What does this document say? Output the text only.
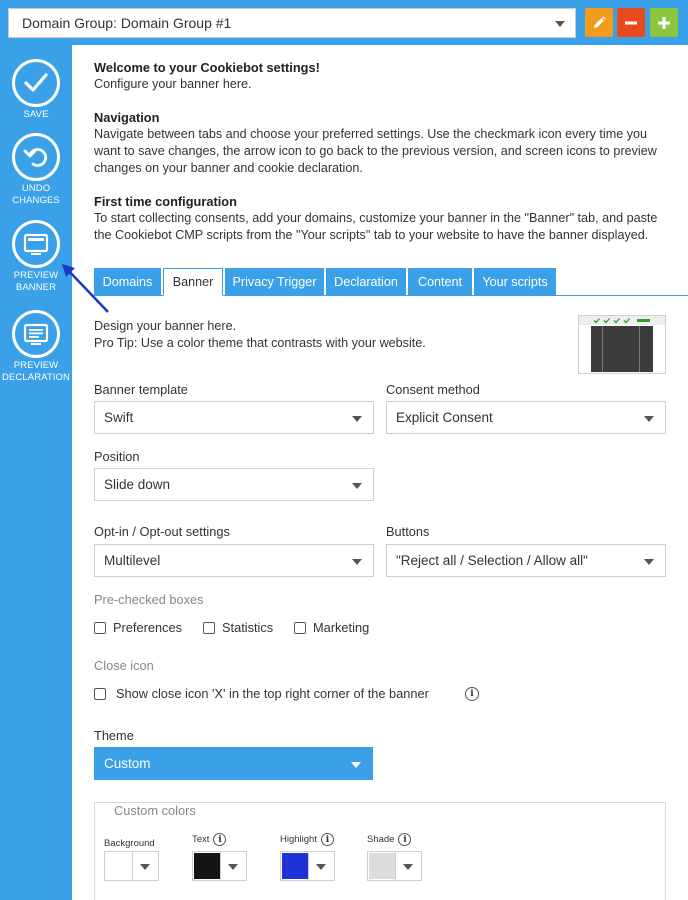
Domain Group: Domain Group #1
SAVE
UNDO
CHANGES
PREVIEW
BANNER
PREVIEW
DECLARATION
Welcome to your Cookiebot settings!

Configure your banner here.

Navigation

Navigate between tabs and choose your preferred settings. Use the checkmark icon every time you want to save changes, the arrow icon to go back to the previous version, and screen icons to preview changes on your banner and cookie declaration.

First time configuration

To start collecting consents, add your domains, customize your banner in the "Banner" tab, and paste the Cookiebot CMP scripts from the "Your scripts" tab to your website to have the banner displayed.

Domains	Banner	Privacy Trigger	Declaration	Content	Your scripts
Design your banner here.
Pro Tip: Use a color theme that contrasts with your website.
Banner template
Swift
Consent method
Explicit Consent
Position
Slide down
Opt-in / Opt-out settings
Multilevel
Buttons
"Reject all / Selection / Allow all"
Pre-checked boxes
Preferences	Statistics	Marketing
Close icon
Show close icon 'X' in the top right corner of the banner	i
Theme
Custom
Custom colors
Background	Text i	Highlight i	Shade i
